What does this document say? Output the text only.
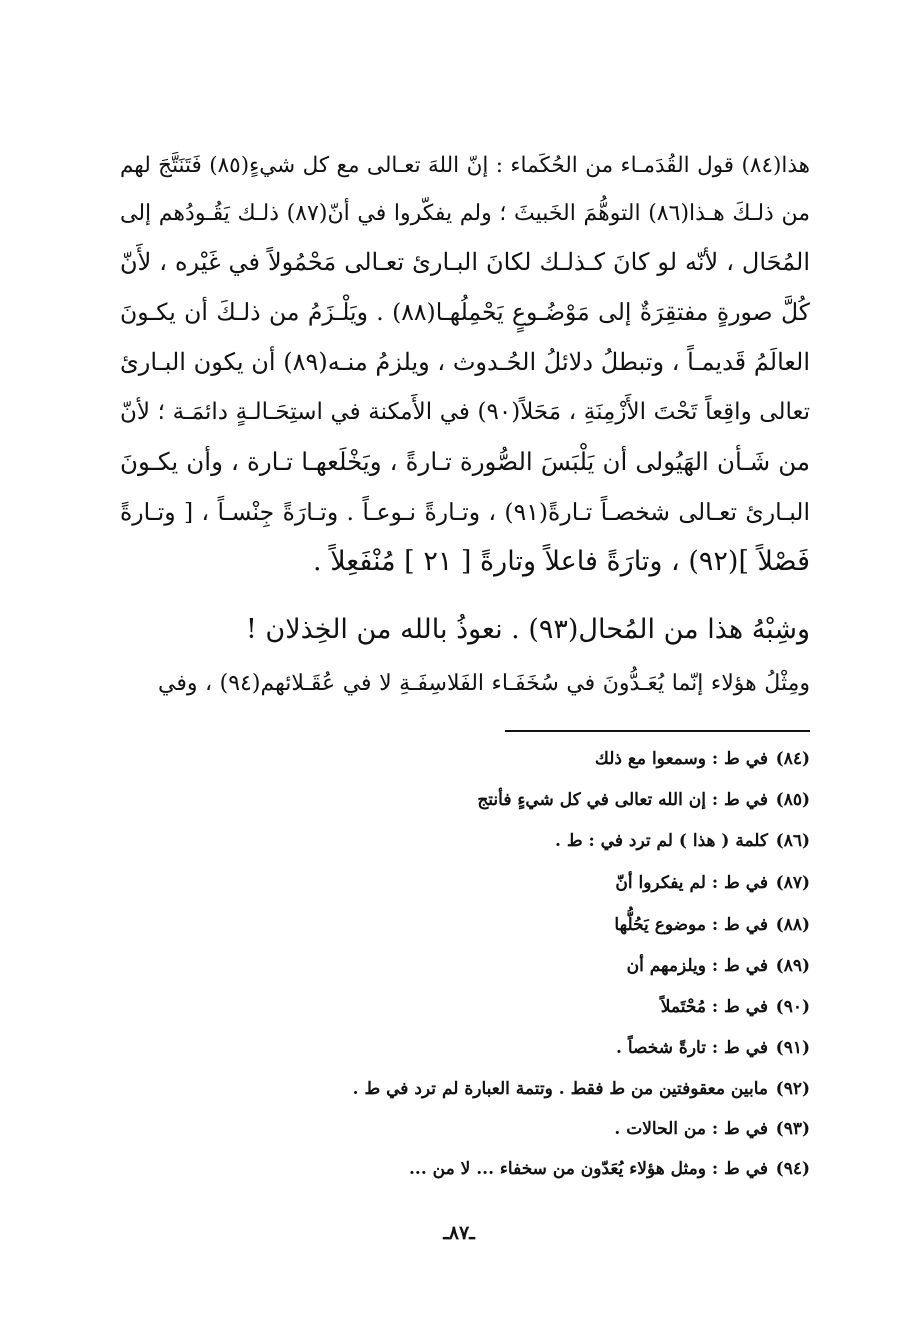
هذا(٨٤) قول القُدَمـاء من الحُكَماء : إنّ اللهَ تعـالى مع كل شيءٍ(٨٥) فَتَنَتَّجَ لهم
من ذلـكَ هـذا(٨٦) التوهُّمَ الخَبيثَ ؛ ولم يفكّروا في أنّ(٨٧) ذلـك يَقُـودُهم إلى
المُحَال ، لأنّه لو كانَ كـذلـك لكانَ البـارئ تعـالى مَحْمُولاً في غَيْره ، لأَنّ
كُلَّ صورةٍ مفتقِرَةٌ إلى مَوْضُـوعٍ يَحْمِلُهـا(٨٨) . ويَلْـزَمُ من ذلـكَ أن يكـونَ
العالَمُ قَديمـاً ، وتبطلُ دلائلُ الحُـدوث ، ويلزمُ منـه(٨٩) أن يكون البـارئ
تعالى واقِعاً تَحْتَ الأَزْمِنَةِ ، مَحَلاً(٩٠) في الأَمكنة في استِحَـالـةٍ دائمَـة ؛ لأنّ
من شَـأن الهَيُولى أن يَلْبَسَ الصُّورة تـارةً ، ويَخْلَعهـا تـارة ، وأن يكـونَ
البـارئ تعـالى شخصـاً تـارةً(٩١) ، وتـارةً نـوعـاً . وتـارَةً جِنْسـاً ، [ وتـارةً
فَصْلاً ](٩٢) ، وتارَةً فاعلاً وتارةً [ ٢١ ] مُنْفَعِلاً .
وشِبْهُ هذا من المُحال(٩٣) . نعوذُ بالله من الخِذلان !
ومِثْلُ هؤلاء إنّما يُعَـدُّونَ في سُخَفَـاء الفَلاسِفَـةِ لا في عُقَـلائهم(٩٤) ، وفي
(٨٤)في ط : وسمعوا مع ذلك
(٨٥)في ط : إن الله تعالى في كل شيءٍ فأنتج
(٨٦)كلمة ( هذا ) لم ترد في : ط .
(٨٧)في ط : لم يفكروا أنّ
(٨٨)في ط : موضوع يَحُلُّها
(٨٩)في ط : ويلزمهم أن
(٩٠)في ط : مُحْتَملاً
(٩١)في ط : تارةً شخصاً .
(٩٢)مابين معقوفتين من ط فقط . وتتمة العبارة لم ترد في ط .
(٩٣)في ط : من الحالات .
(٩٤)في ط : ومثل هؤلاء يُعَدّون من سخفاء ... لا من ...
ـ٨٧ـ
